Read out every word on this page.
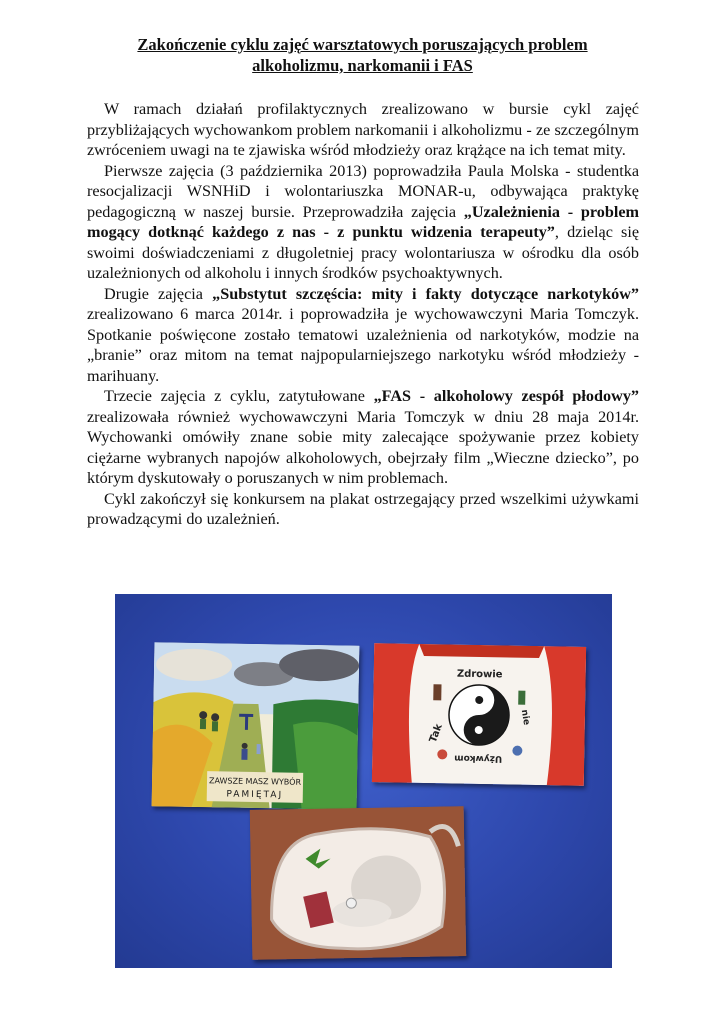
Zakończenie cyklu zajęć warsztatowych poruszających problem alkoholizmu, narkomanii i FAS

W ramach działań profilaktycznych zrealizowano w bursie cykl zajęć przybliżających wychowankom problem narkomanii i alkoholizmu - ze szczególnym zwróceniem uwagi na te zjawiska wśród młodzieży oraz krążące na ich temat mity.

Pierwsze zajęcia (3 października 2013) poprowadziła Paula Molska - studentka resocjalizacji WSNHiD i wolontariuszka MONAR-u, odbywająca praktykę pedagogiczną w naszej bursie. Przeprowadziła zajęcia „Uzależnienia - problem mogący dotknąć każdego z nas - z punktu widzenia terapeuty”, dzieląc się swoimi doświadczeniami z długoletniej pracy wolontariusza w ośrodku dla osób uzależnionych od alkoholu i innych środków psychoaktywnych.

Drugie zajęcia „Substytut szczęścia: mity i fakty dotyczące narkotyków” zrealizowano 6 marca 2014r. i poprowadziła je wychowawczyni Maria Tomczyk. Spotkanie poświęcone zostało tematowi uzależnienia od narkotyków, modzie na „branie” oraz mitom na temat najpopularniejszego narkotyku wśród młodzieży - marihuany.

Trzecie zajęcia z cyklu, zatytułowane „FAS - alkoholowy zespół płodowy” zrealizowała również wychowawczyni Maria Tomczyk w dniu 28 maja 2014r. Wychowanki omówiły znane sobie mity zalecające spożywanie przez kobiety ciężarne wybranych napojów alkoholowych, obejrzały film „Wieczne dziecko”, po którym dyskutowały o poruszanych w nim problemach.

Cykl zakończył się konkursem na plakat ostrzegający przed wszelkimi używkami prowadzącymi do uzależnień.

ZAWSZE MASZ WYBÓR
PAMIĘTAJ
Zdrowie
Tak
Używkom
nie
